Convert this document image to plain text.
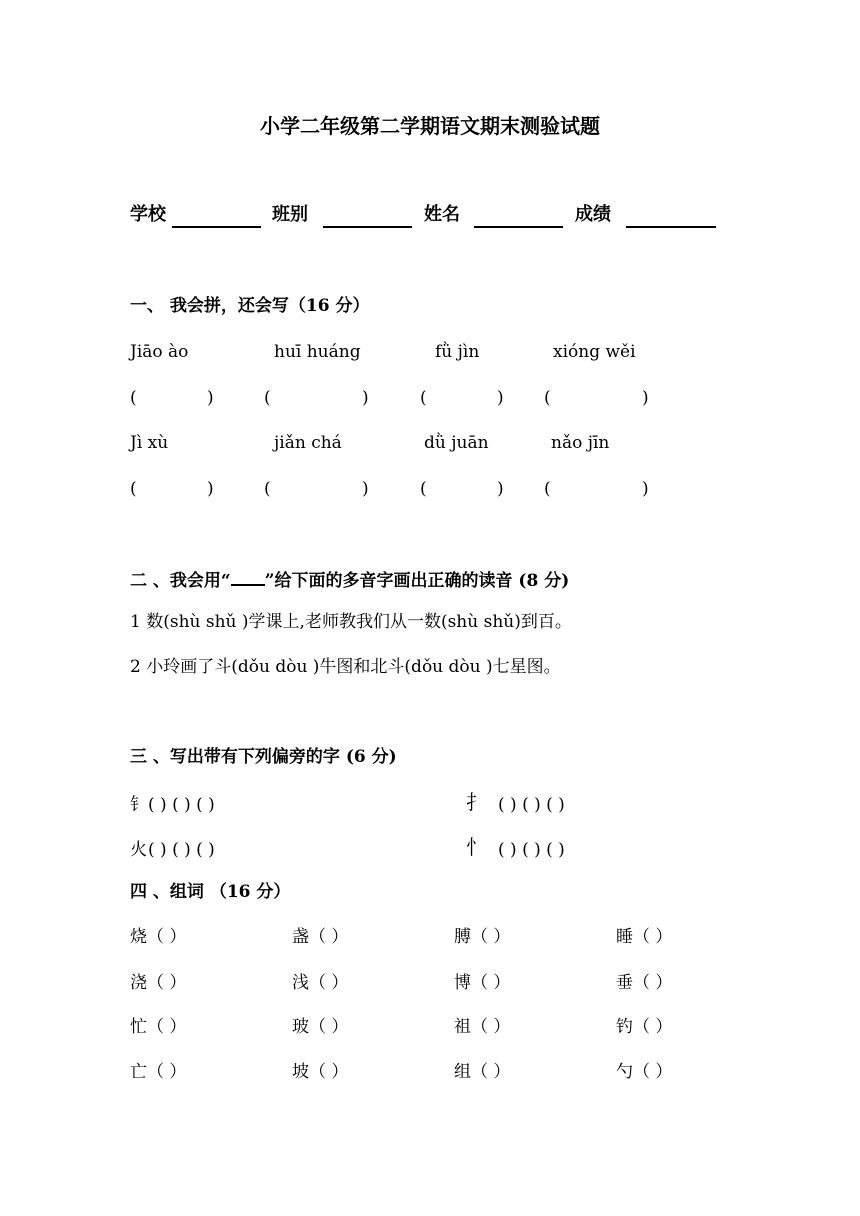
小学二年级第二学期语文期末测验试题
学校	班别	姓名	成绩
一、 我会拼，还会写（16 分）
Jiāo ào	huī huáng	fǜ jìn	xióng wěi
(	)	(	)	(	) (	)
Jì xù	jiǎn chá	dǜ juān	nǎo jīn
(	)	(	)	(	) (	)
二 、我会用“ ”给下面的多音字画出正确的读音 (8 分)
1 数(shù shǔ )学课上,老师教我们从一数(shù shǔ)到百。
2 小玲画了斗(dǒu dòu )牛图和北斗(dǒu dòu )七星图。
三 、写出带有下列偏旁的字 (6 分)
钅 ( ) ( ) ( )	扌 ( ) ( ) ( )
火 ( ) ( ) ( )	忄 ( ) ( ) ( )
四 、组词 （16 分）
烧（ ）	盏（ ）	膊（ ）	睡（ ）
浇（ ）	浅（ ）	博（ ）	垂（ ）
忙（ ）	玻（ ）	祖（ ）	钓（ ）
亡（ ）	坡（ ）	组（ ）	勺（ ）
